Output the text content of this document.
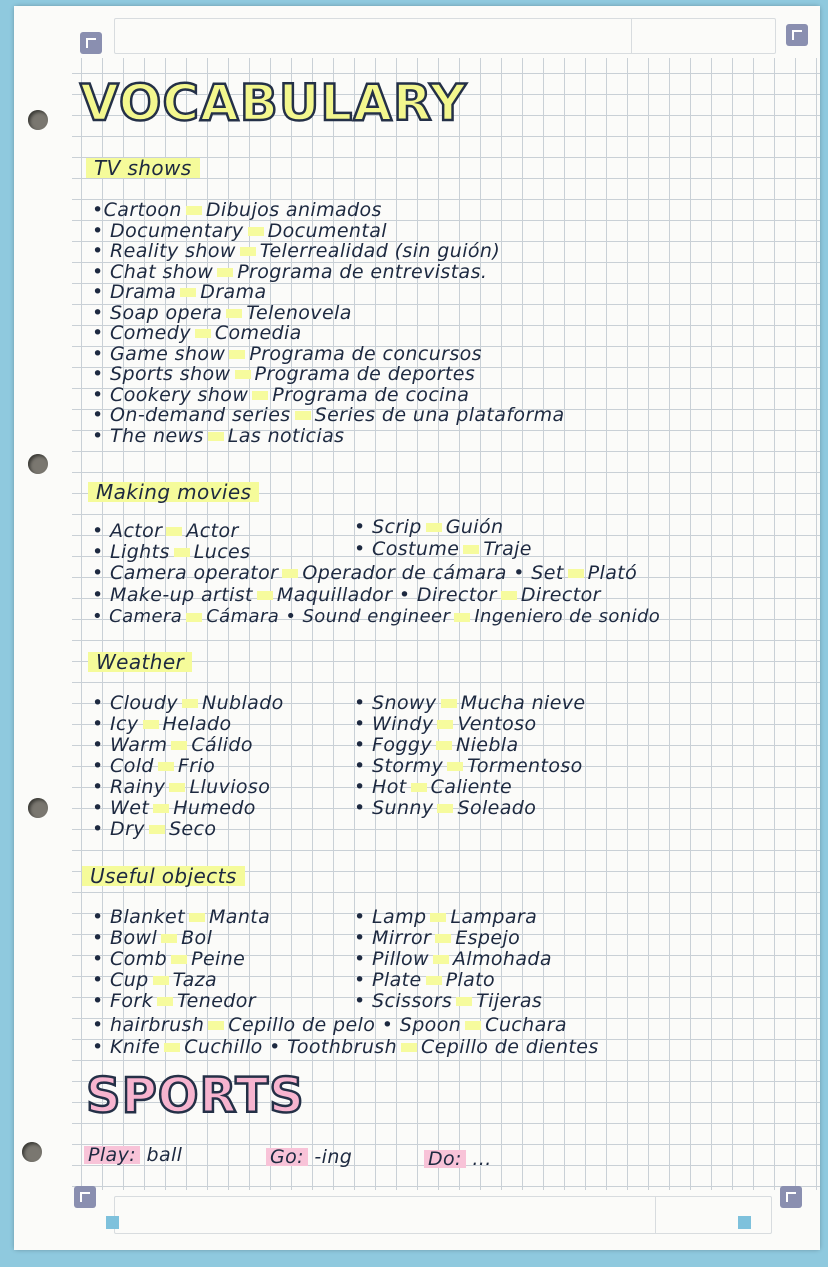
VOCABULARY
TV shows
•Cartoon Dibujos animados
• Documentary Documental
• Reality show Telerrealidad (sin guión)
• Chat show Programa de entrevistas.
• Drama Drama
• Soap opera Telenovela
• Comedy Comedia
• Game show Programa de concursos
• Sports show Programa de deportes
• Cookery show Programa de cocina
• On-demand series Series de una plataforma
• The news Las noticias
Making movies
• Actor Actor	• Scrip Guión
• Lights Luces	• Costume Traje
• Camera operator Operador de cámara • Set Plató
• Make-up artist Maquillador • Director Director
• Camera Cámara • Sound engineer Ingeniero de sonido
Weather
• Cloudy Nublado
• Icy Helado
• Warm Cálido
• Cold Frio
• Rainy Lluvioso
• Wet Humedo
• Dry Seco
• Snowy Mucha nieve
• Windy Ventoso
• Foggy Niebla
• Stormy Tormentoso
• Hot Caliente
• Sunny Soleado
Useful objects
• Blanket Manta
• Bowl Bol
• Comb Peine
• Cup Taza
• Fork Tenedor
• Lamp Lampara
• Mirror Espejo
• Pillow Almohada
• Plate Plato
• Scissors Tijeras
• hairbrush Cepillo de pelo • Spoon Cuchara
• Knife Cuchillo • Toothbrush Cepillo de dientes
SPORTS
Play: ball	Go: -ing	Do: ...
